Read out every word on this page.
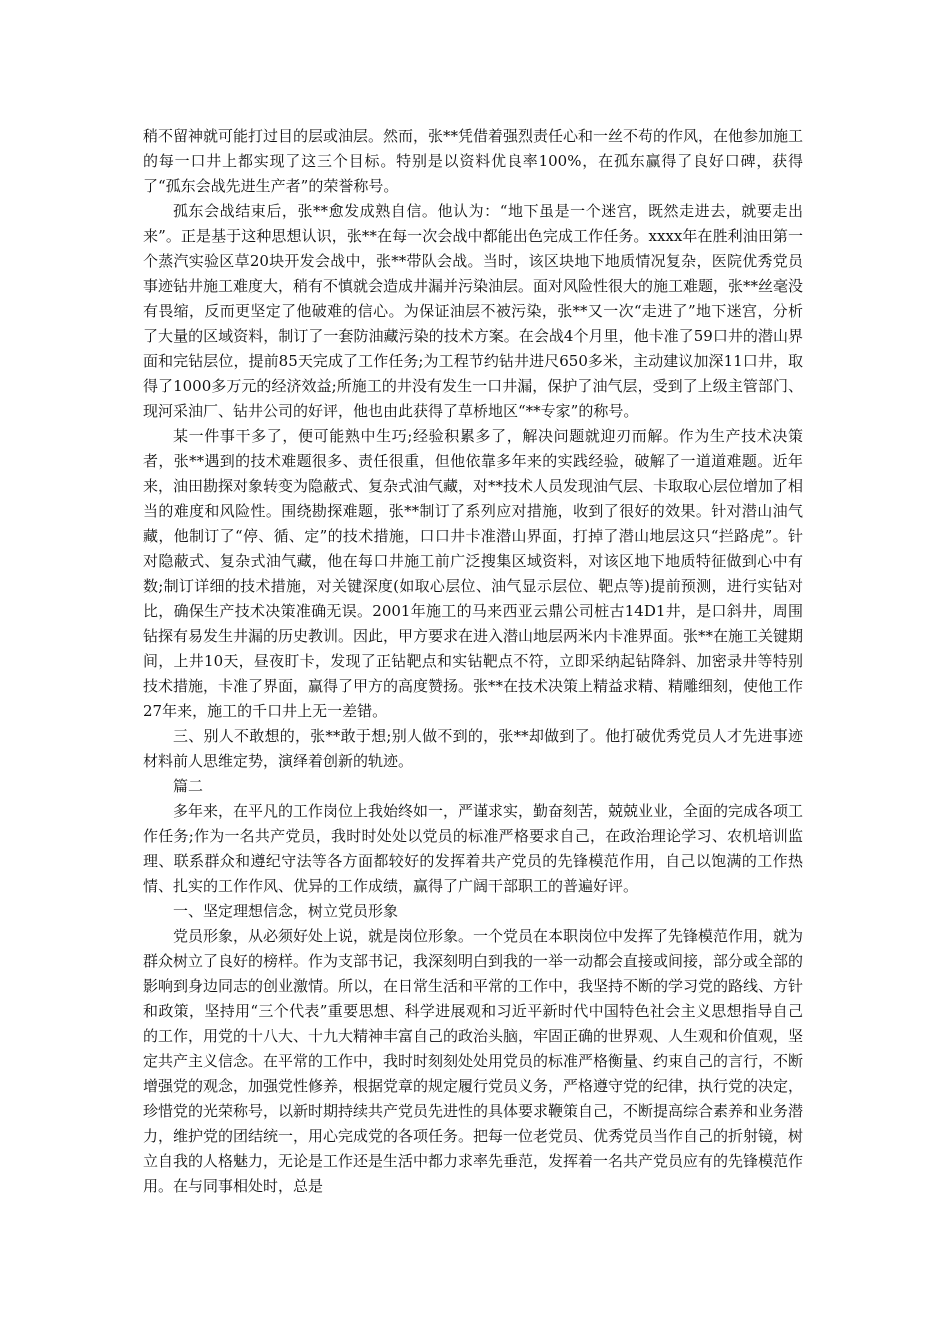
稍不留神就可能打过目的层或油层。然而，张**凭借着强烈责任心和一丝不苟的作风，在他参加施工的每一口井上都实现了这三个目标。特别是以资料优良率100%，在孤东赢得了良好口碑，获得了“孤东会战先进生产者”的荣誉称号。

孤东会战结束后，张**愈发成熟自信。他认为：“地下虽是一个迷宫，既然走进去，就要走出来”。正是基于这种思想认识，张**在每一次会战中都能出色完成工作任务。xxxx年在胜利油田第一个蒸汽实验区草20块开发会战中，张**带队会战。当时，该区块地下地质情况复杂，医院优秀党员事迹钻井施工难度大，稍有不慎就会造成井漏并污染油层。面对风险性很大的施工难题，张**丝毫没有畏缩，反而更坚定了他破难的信心。为保证油层不被污染，张**又一次“走进了”地下迷宫，分析了大量的区域资料，制订了一套防油藏污染的技术方案。在会战4个月里，他卡准了59口井的潜山界面和完钻层位，提前85天完成了工作任务;为工程节约钻井进尺650多米，主动建议加深11口井，取得了1000多万元的经济效益;所施工的井没有发生一口井漏，保护了油气层，受到了上级主管部门、现河采油厂、钻井公司的好评，他也由此获得了草桥地区“**专家”的称号。

某一件事干多了，便可能熟中生巧;经验积累多了，解决问题就迎刃而解。作为生产技术决策者，张**遇到的技术难题很多、责任很重，但他依靠多年来的实践经验，破解了一道道难题。近年来，油田勘探对象转变为隐蔽式、复杂式油气藏，对**技术人员发现油气层、卡取取心层位增加了相当的难度和风险性。围绕勘探难题，张**制订了系列应对措施，收到了很好的效果。针对潜山油气藏，他制订了“停、循、定”的技术措施，口口井卡准潜山界面，打掉了潜山地层这只“拦路虎”。针对隐蔽式、复杂式油气藏，他在每口井施工前广泛搜集区域资料，对该区地下地质特征做到心中有数;制订详细的技术措施，对关键深度(如取心层位、油气显示层位、靶点等)提前预测，进行实钻对比，确保生产技术决策准确无误。2001年施工的马来西亚云鼎公司桩古14D1井，是口斜井，周围钻探有易发生井漏的历史教训。因此，甲方要求在进入潜山地层两米内卡准界面。张**在施工关键期间，上井10天，昼夜盯卡，发现了正钻靶点和实钻靶点不符，立即采纳起钻降斜、加密录井等特别技术措施，卡准了界面，赢得了甲方的高度赞扬。张**在技术决策上精益求精、精雕细刻，使他工作27年来，施工的千口井上无一差错。

三、别人不敢想的，张**敢于想;别人做不到的，张**却做到了。他打破优秀党员人才先进事迹材料前人思维定势，演绎着创新的轨迹。

篇二

多年来，在平凡的工作岗位上我始终如一，严谨求实，勤奋刻苦，兢兢业业，全面的完成各项工作任务;作为一名共产党员，我时时处处以党员的标准严格要求自己，在政治理论学习、农机培训监理、联系群众和遵纪守法等各方面都较好的发挥着共产党员的先锋模范作用，自己以饱满的工作热情、扎实的工作作风、优异的工作成绩，赢得了广阔干部职工的普遍好评。

一、坚定理想信念，树立党员形象

党员形象，从必须好处上说，就是岗位形象。一个党员在本职岗位中发挥了先锋模范作用，就为群众树立了良好的榜样。作为支部书记，我深刻明白到我的一举一动都会直接或间接，部分或全部的影响到身边同志的创业激情。所以，在日常生活和平常的工作中，我坚持不断的学习党的路线、方针和政策，坚持用“三个代表”重要思想、科学进展观和习近平新时代中国特色社会主义思想指导自己的工作，用党的十八大、十九大精神丰富自己的政治头脑，牢固正确的世界观、人生观和价值观，坚定共产主义信念。在平常的工作中，我时时刻刻处处用党员的标准严格衡量、约束自己的言行，不断增强党的观念，加强党性修养，根据党章的规定履行党员义务，严格遵守党的纪律，执行党的决定，珍惜党的光荣称号，以新时期持续共产党员先进性的具体要求鞭策自己，不断提高综合素养和业务潜力，维护党的团结统一，用心完成党的各项任务。把每一位老党员、优秀党员当作自己的折射镜，树立自我的人格魅力，无论是工作还是生活中都力求率先垂范，发挥着一名共产党员应有的先锋模范作用。在与同事相处时，总是
